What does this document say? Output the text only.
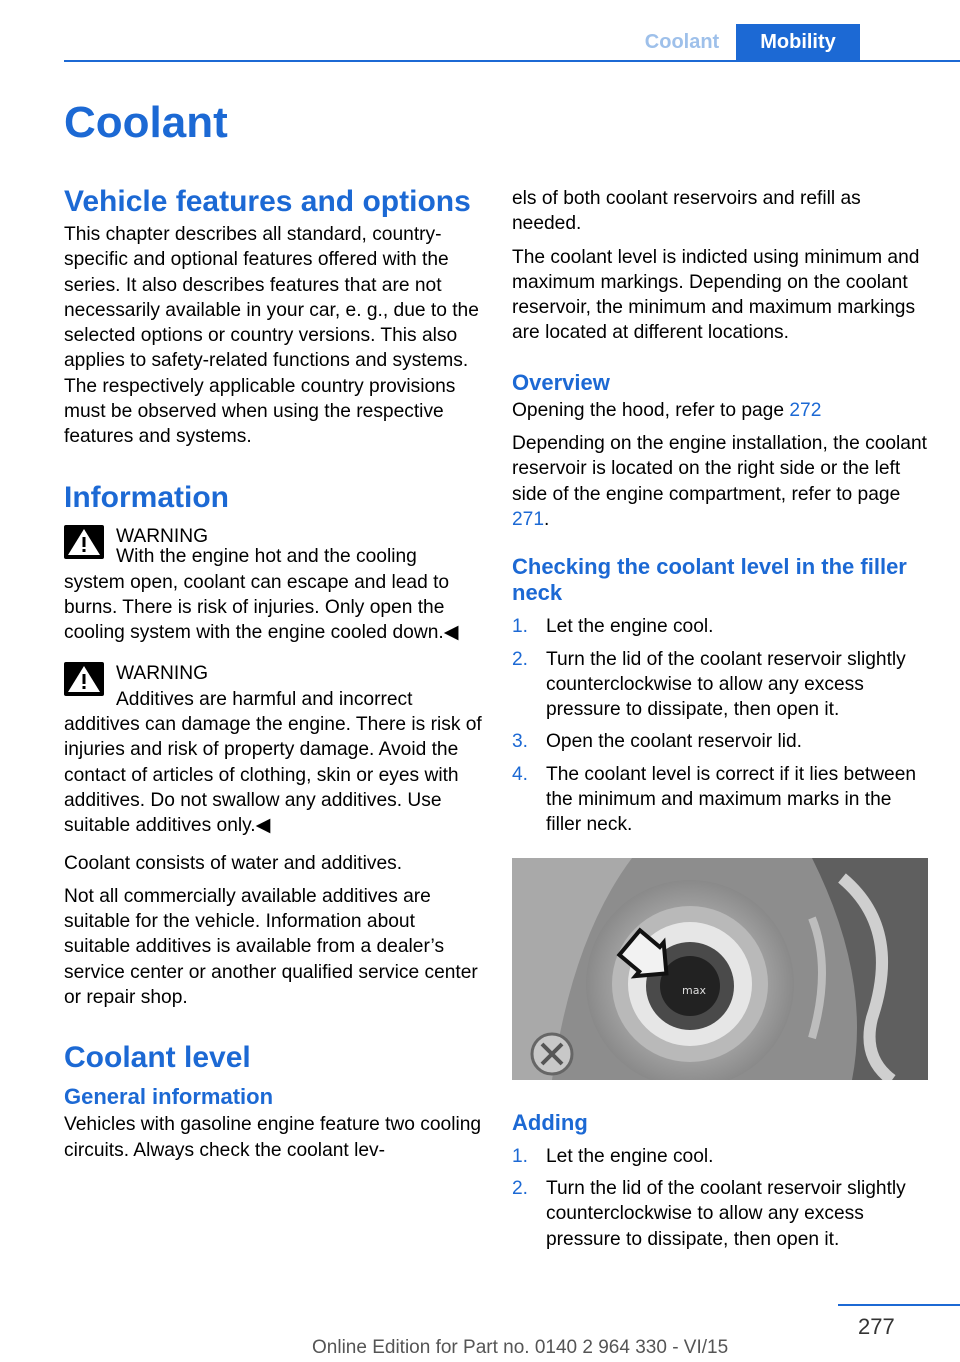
Coolant	Mobility
Coolant
Vehicle features and options

This chapter describes all standard, country-specific and optional features offered with the series. It also describes features that are not necessarily available in your car, e. g., due to the selected options or country versions. This also applies to safety-related functions and systems. The respectively applicable country provisions must be observed when using the respective features and systems.

Information
WARNING

With the engine hot and the cooling system open, coolant can escape and lead to burns. There is risk of injuries. Only open the cooling system with the engine cooled down.◀

WARNING

Additives are harmful and incorrect additives can damage the engine. There is risk of injuries and risk of property damage. Avoid the contact of articles of clothing, skin or eyes with additives. Do not swallow any additives. Use suitable additives only.◀

Coolant consists of water and additives.

Not all commercially available additives are suitable for the vehicle. Information about suitable additives is available from a dealer’s service center or another qualified service center or repair shop.

Coolant level
General information

Vehicles with gasoline engine feature two cooling circuits. Always check the coolant lev-

els of both coolant reservoirs and refill as needed.

The coolant level is indicted using minimum and maximum markings. Depending on the coolant reservoir, the minimum and maximum markings are located at different locations.

Overview

Opening the hood, refer to page 272

Depending on the engine installation, the coolant reservoir is located on the right side or the left side of the engine compartment, refer to page 271.

Checking the coolant level in the filler neck
1. Let the engine cool.
2. Turn the lid of the coolant reservoir slightly counterclockwise to allow any excess pressure to dissipate, then open it.
3. Open the coolant reservoir lid.
4. The coolant level is correct if it lies between the minimum and maximum marks in the filler neck.
max
Adding
1. Let the engine cool.
2. Turn the lid of the coolant reservoir slightly counterclockwise to allow any excess pressure to dissipate, then open it.
277
Online Edition for Part no. 0140 2 964 330 - VI/15
